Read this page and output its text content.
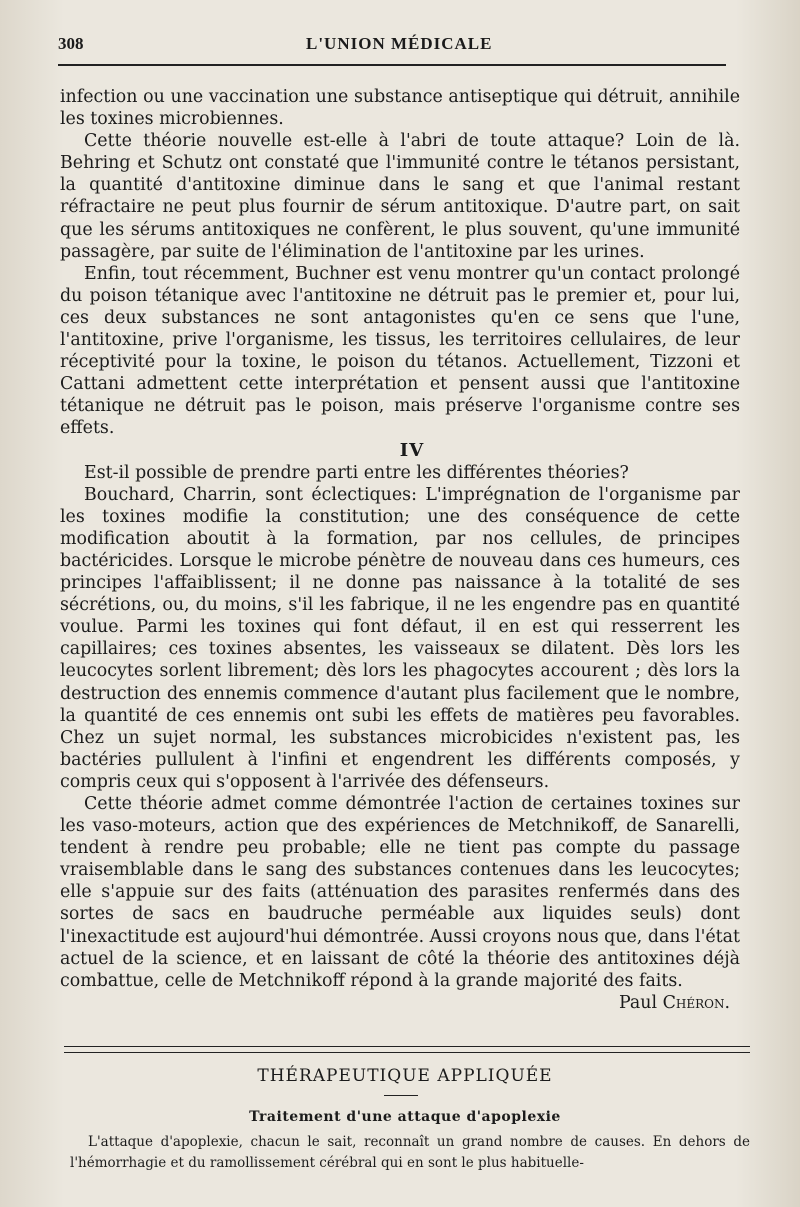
308	L'UNION MÉDICALE

infection ou une vaccination une substance antiseptique qui détruit, annihile les toxines microbiennes.

Cette théorie nouvelle est-elle à l'abri de toute attaque? Loin de là. Behring et Schutz ont constaté que l'immunité contre le tétanos persistant, la quantité d'antitoxine diminue dans le sang et que l'animal restant réfractaire ne peut plus fournir de sérum antitoxique. D'autre part, on sait que les sérums antitoxiques ne confèrent, le plus souvent, qu'une immunité passagère, par suite de l'élimination de l'antitoxine par les urines.

Enfin, tout récemment, Buchner est venu montrer qu'un contact prolongé du poison tétanique avec l'antitoxine ne détruit pas le premier et, pour lui, ces deux substances ne sont antagonistes qu'en ce sens que l'une, l'antitoxine, prive l'organisme, les tissus, les territoires cellulaires, de leur réceptivité pour la toxine, le poison du tétanos. Actuellement, Tizzoni et Cattani admettent cette interprétation et pensent aussi que l'antitoxine tétanique ne détruit pas le poison, mais préserve l'organisme contre ses effets.

IV

Est-il possible de prendre parti entre les différentes théories?

Bouchard, Charrin, sont éclectiques: L'imprégnation de l'organisme par les toxines modifie la constitution; une des conséquence de cette modification aboutit à la formation, par nos cellules, de principes bactéricides. Lorsque le microbe pénètre de nouveau dans ces humeurs, ces principes l'affaiblissent; il ne donne pas naissance à la totalité de ses sécrétions, ou, du moins, s'il les fabrique, il ne les engendre pas en quantité voulue. Parmi les toxines qui font défaut, il en est qui resserrent les capillaires; ces toxines absentes, les vaisseaux se dilatent. Dès lors les leucocytes sorlent librement; dès lors les phagocytes accourent ; dès lors la destruction des ennemis commence d'autant plus facilement que le nombre, la quantité de ces ennemis ont subi les effets de matières peu favorables. Chez un sujet normal, les substances microbicides n'existent pas, les bactéries pullulent à l'infini et engendrent les différents composés, y compris ceux qui s'opposent à l'arrivée des défenseurs.

Cette théorie admet comme démontrée l'action de certaines toxines sur les vaso-moteurs, action que des expériences de Metchnikoff, de Sanarelli, tendent à rendre peu probable; elle ne tient pas compte du passage vraisemblable dans le sang des substances contenues dans les leucocytes; elle s'appuie sur des faits (atténuation des parasites renfermés dans des sortes de sacs en baudruche perméable aux liquides seuls) dont l'inexactitude est aujourd'hui démontrée. Aussi croyons nous que, dans l'état actuel de la science, et en laissant de côté la théorie des antitoxines déjà combattue, celle de Metchnikoff répond à la grande majorité des faits.

Paul Chéron.

THÉRAPEUTIQUE APPLIQUÉE
Traitement d'une attaque d'apoplexie

L'attaque d'apoplexie, chacun le sait, reconnaît un grand nombre de causes. En dehors de l'hémorrhagie et du ramollissement cérébral qui en sont le plus habituelle-
